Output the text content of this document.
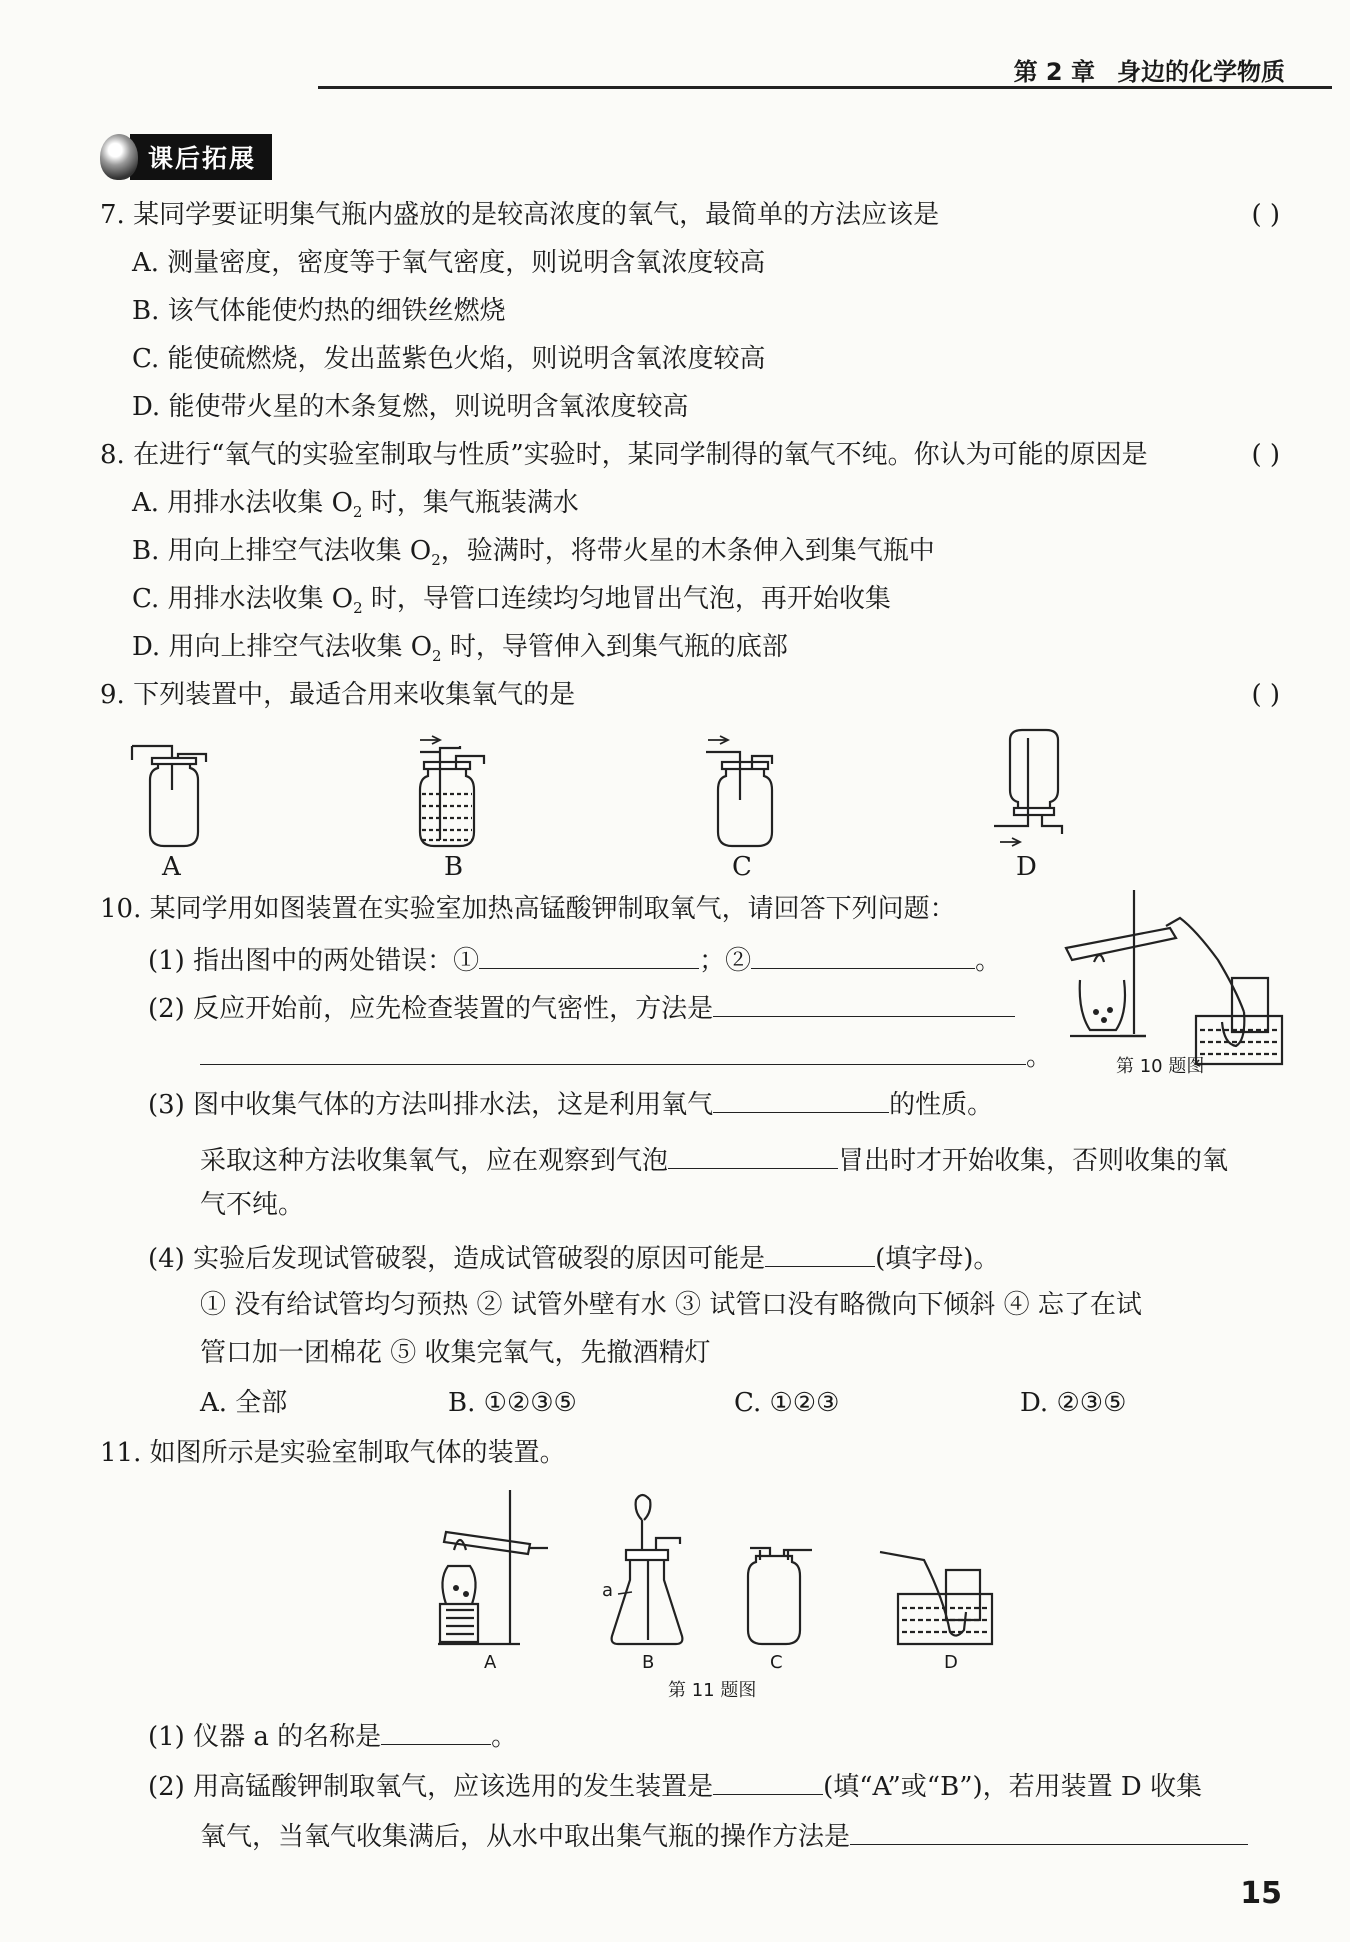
第 2 章 身边的化学物质
课后拓展
7. 某同学要证明集气瓶内盛放的是较高浓度的氧气，最简单的方法应该是	( )
A. 测量密度，密度等于氧气密度，则说明含氧浓度较高
B. 该气体能使灼热的细铁丝燃烧
C. 能使硫燃烧，发出蓝紫色火焰，则说明含氧浓度较高
D. 能使带火星的木条复燃，则说明含氧浓度较高
8. 在进行“氧气的实验室制取与性质”实验时，某同学制得的氧气不纯。你认为可能的原因是	( )
A. 用排水法收集 $O_2$ 时，集气瓶装满水
B. 用向上排空气法收集 $O_2$，验满时，将带火星的木条伸入到集气瓶中
C. 用排水法收集 $O_2$ 时，导管口连续均匀地冒出气泡，再开始收集
D. 用向上排空气法收集 $O_2$ 时，导管伸入到集气瓶的底部
9. 下列装置中，最适合用来收集氧气的是	( )
A	B	C	D
10. 某同学用如图装置在实验室加热高锰酸钾制取氧气，请回答下列问题：
(1) 指出图中的两处错误：①	；②	。
(2) 反应开始前，应先检查装置的气密性，方法是
。	第 10 题图
(3) 图中收集气体的方法叫排水法，这是利用氧气	的性质。
采取这种方法收集氧气，应在观察到气泡	冒出时才开始收集，否则收集的氧
气不纯。
(4) 实验后发现试管破裂，造成试管破裂的原因可能是	(填字母)。
① 没有给试管均匀预热 ② 试管外壁有水 ③ 试管口没有略微向下倾斜 ④ 忘了在试
管口加一团棉花 ⑤ 收集完氧气，先撤酒精灯
A. 全部	B. ①②③⑤	C. ①②③	D. ②③⑤
11. 如图所示是实验室制取气体的装置。
A	B	C	D
a
第 11 题图
(1) 仪器 a 的名称是	。
(2) 用高锰酸钾制取氧气，应该选用的发生装置是	(填“A”或“B”)，若用装置 D 收集
氧气，当氧气收集满后，从水中取出集气瓶的操作方法是
15
